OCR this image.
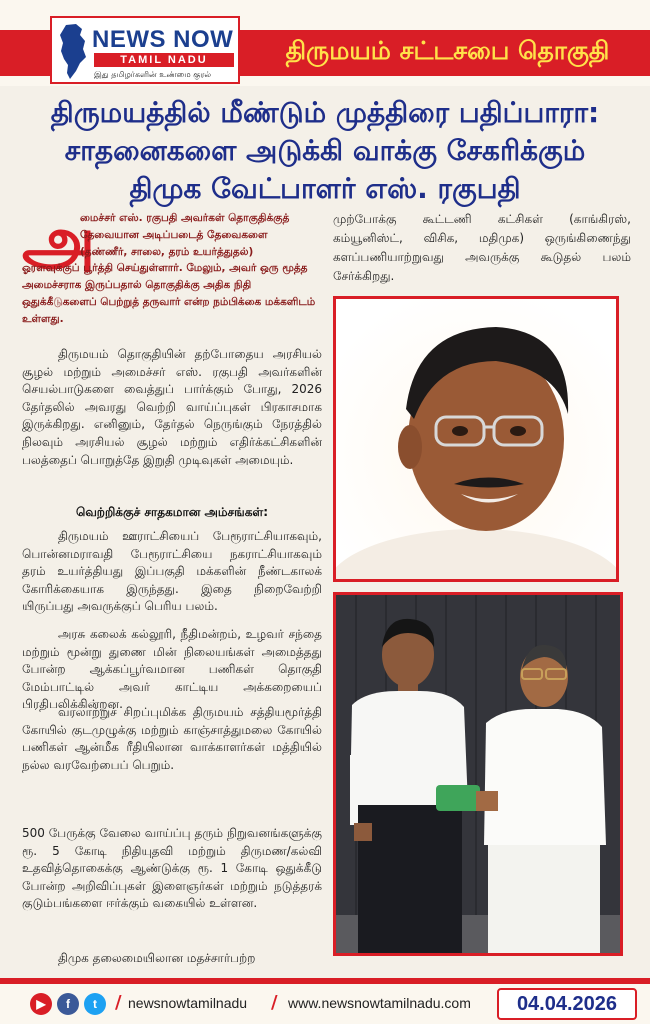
NEWS NOW
TAMIL NADU
இது தமிழர்களின் உண்மை குரல்
திருமயம் சட்டசபை தொகுதி
திருமயத்தில் மீண்டும் முத்திரை பதிப்பாரா:
சாதனைகளை அடுக்கி வாக்கு சேகரிக்கும்
திமுக வேட்பாளர் எஸ். ரகுபதி
அ
மைச்சர் எஸ். ரகுபதி அவர்கள் தொகுதிக்குத்
தேவையான அடிப்படைத் தேவைகளை
(தண்ணீர், சாலை, தரம் உயர்த்துதல்)
ஓரளவுக்குப் பூர்த்தி செய்துள்ளார். மேலும், அவர் ஒரு மூத்த அமைச்சராக இருப்பதால் தொகுதிக்கு அதிக நிதி ஒதுக்கீடுகளைப் பெற்றுத் தருவார் என்ற நம்பிக்கை மக்களிடம் உள்ளது.
திருமயம் தொகுதியின் தற்போதைய அரசியல் சூழல் மற்றும் அமைச்சர் எஸ். ரகுபதி அவர்களின் செயல்பாடுகளை வைத்துப் பார்க்கும் போது, 2026 தேர்தலில் அவரது வெற்றி வாய்ப்புகள் பிரகாசமாக இருக்கிறது. எனினும், தேர்தல் நெருங்கும் நேரத்தில் நிலவும் அரசியல் சூழல் மற்றும் எதிர்க்கட்சிகளின் பலத்தைப் பொறுத்தே இறுதி முடிவுகள் அமையும்.
வெற்றிக்குச் சாதகமான அம்சங்கள்:
திருமயம் ஊராட்சியைப் பேரூராட்சியாகவும், பொன்னமராவதி பேரூராட்சியை நகராட்சியாகவும் தரம் உயர்த்தியது இப்பகுதி மக்களின் நீண்டகாலக் கோரிக்கையாக இருந்தது. இதை நிறைவேற்றி யிருப்பது அவருக்குப் பெரிய பலம்.
அரசு கலைக் கல்லூரி, நீதிமன்றம், உழவர் சந்தை மற்றும் மூன்று துணை மின் நிலையங்கள் அமைத்தது போன்ற ஆக்கப்பூர்வமான பணிகள் தொகுதி மேம்பாட்டில் அவர் காட்டிய அக்கறையைப் பிரதிபலிக்கின்றன.
வரலாற்றுச் சிறப்புமிக்க திருமயம் சத்தியமூர்த்தி கோயில் குடமுழுக்கு மற்றும் காஞ்சாத்துமலை கோயில் பணிகள் ஆன்மீக ரீதியிலான வாக்காளர்கள் மத்தியில் நல்ல வரவேற்பைப் பெறும்.
500 பேருக்கு வேலை வாய்ப்பு தரும் நிறுவனங்களுக்கு ரூ. 5 கோடி நிதியுதவி மற்றும் திருமண/கல்வி உதவித்தொகைக்கு ஆண்டுக்கு ரூ. 1 கோடி ஒதுக்கீடு போன்ற அறிவிப்புகள் இளைஞர்கள் மற்றும் நடுத்தரக் குடும்பங்களை ஈர்க்கும் வகையில் உள்ளன.
திமுக தலைமையிலான மதச்சார்பற்ற
முற்போக்கு கூட்டணி கட்சிகள் (காங்கிரஸ், கம்யூனிஸ்ட், விசிக, மதிமுக) ஒருங்கிணைந்து களப்பணியாற்றுவது அவருக்கு கூடுதல் பலம் சேர்க்கிறது.
▶	f	t	/ newsnowtamilnadu / www.newsnowtamilnadu.com	04.04.2026
